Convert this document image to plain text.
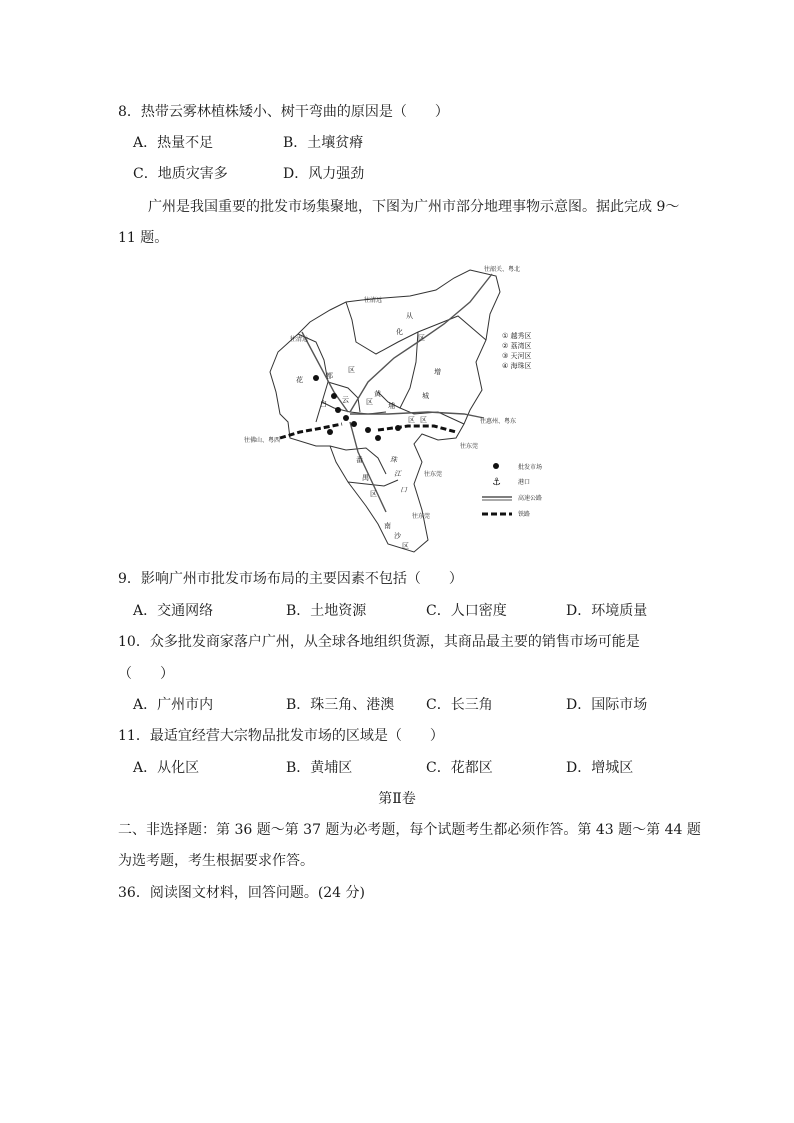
8．热带云雾林植株矮小、树干弯曲的原因是（　　）
A．热量不足	B．土壤贫瘠
C．地质灾害多	D．风力强劲
广州是我国重要的批发市场集聚地，下图为广州市部分地理事物示意图。据此完成 9～
11 题。
往韶关、粤北
往清远
往清远
往惠州、粤东
往东莞
往佛山、粤西
往东莞
往东莞
花	都
区
从
化
区
增
城
区
白 云 区
黄
埔
区
番
禺
区
南
沙
区
珠
江
口
① 越秀区
② 荔湾区
③ 天河区
④ 海珠区
批发市场
⚓	港口
高速公路
铁路
9．影响广州市批发市场布局的主要因素不包括（　　）
A．交通网络	B．土地资源	C．人口密度	D．环境质量
10．众多批发商家落户广州，从全球各地组织货源，其商品最主要的销售市场可能是
（　　）
A．广州市内	B．珠三角、港澳 C．长三角	D．国际市场
11．最适宜经营大宗物品批发市场的区域是（　　）
A．从化区	B．黄埔区	C．花都区	D．增城区
第Ⅱ卷
二、非选择题：第 36 题～第 37 题为必考题，每个试题考生都必须作答。第 43 题～第 44 题
为选考题，考生根据要求作答。
36．阅读图文材料，回答问题。(24 分)
